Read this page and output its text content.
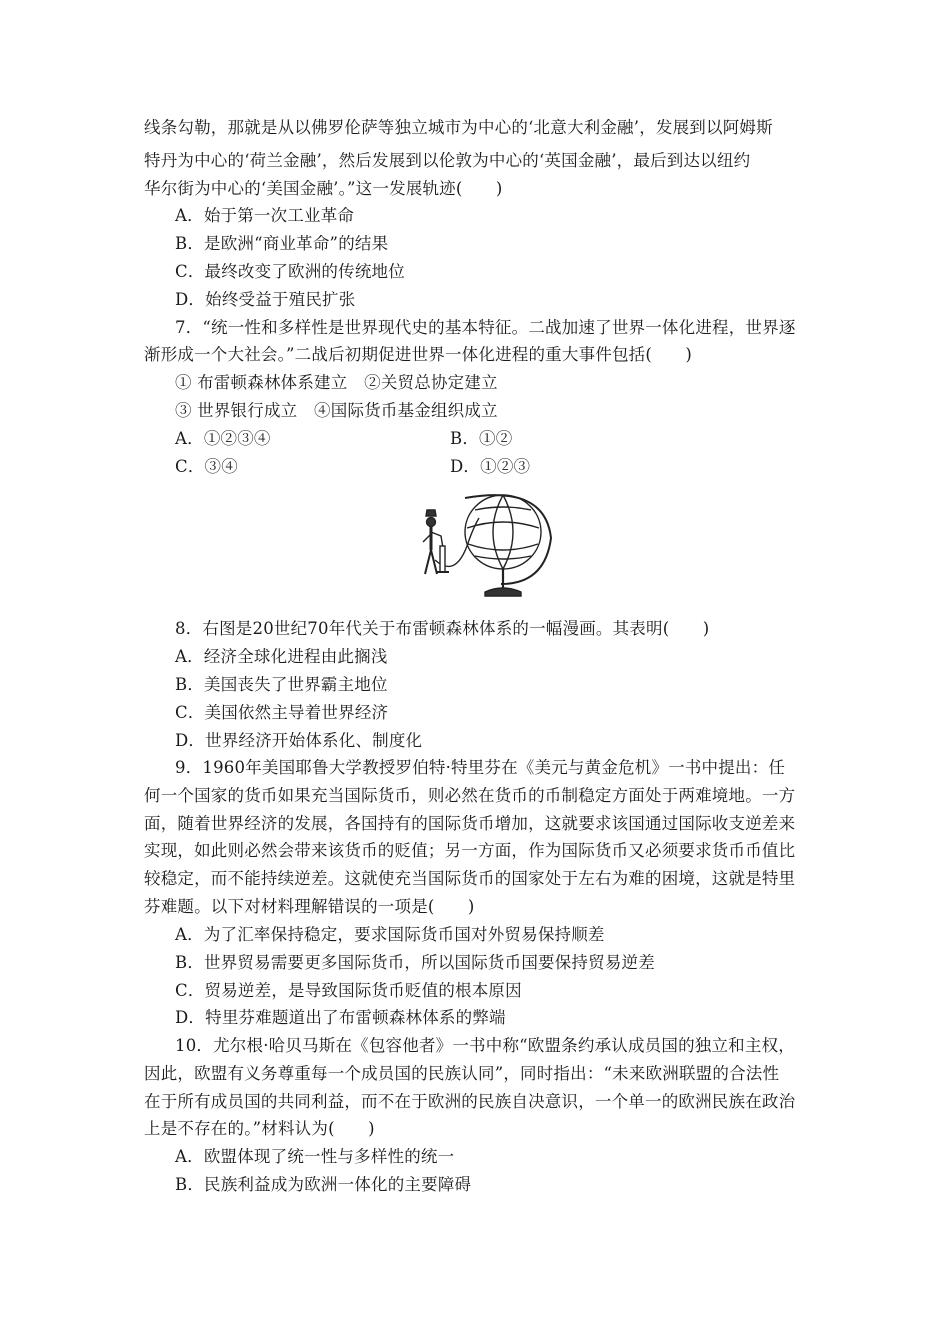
线条勾勒，那就是从以佛罗伦萨等独立城市为中心的‘北意大利金融’，发展到以阿姆斯
特丹为中心的‘荷兰金融’，然后发展到以伦敦为中心的‘英国金融’，最后到达以纽约
华尔街为中心的‘美国金融’。”这一发展轨迹(　　)
A．始于第一次工业革命
B．是欧洲“商业革命”的结果
C．最终改变了欧洲的传统地位
D．始终受益于殖民扩张
7．“统一性和多样性是世界现代史的基本特征。二战加速了世界一体化进程，世界逐
渐形成一个大社会。”二战后初期促进世界一体化进程的重大事件包括(　　)
① 布雷顿森林体系建立　②关贸总协定建立
③ 世界银行成立　④国际货币基金组织成立
A．①②③④	B．①②
C．③④	D．①②③
8．右图是20世纪70年代关于布雷顿森林体系的一幅漫画。其表明(　　)
A．经济全球化进程由此搁浅
B．美国丧失了世界霸主地位
C．美国依然主导着世界经济
D．世界经济开始体系化、制度化
9．1960年美国耶鲁大学教授罗伯特·特里芬在《美元与黄金危机》一书中提出：任
何一个国家的货币如果充当国际货币，则必然在货币的币制稳定方面处于两难境地。一方
面，随着世界经济的发展，各国持有的国际货币增加，这就要求该国通过国际收支逆差来
实现，如此则必然会带来该货币的贬值；另一方面，作为国际货币又必须要求货币币值比
较稳定，而不能持续逆差。这就使充当国际货币的国家处于左右为难的困境，这就是特里
芬难题。以下对材料理解错误的一项是(　　)
A．为了汇率保持稳定，要求国际货币国对外贸易保持顺差
B．世界贸易需要更多国际货币，所以国际货币国要保持贸易逆差
C．贸易逆差，是导致国际货币贬值的根本原因
D．特里芬难题道出了布雷顿森林体系的弊端
10．尤尔根·哈贝马斯在《包容他者》一书中称“欧盟条约承认成员国的独立和主权，
因此，欧盟有义务尊重每一个成员国的民族认同”，同时指出：“未来欧洲联盟的合法性
在于所有成员国的共同利益，而不在于欧洲的民族自决意识，一个单一的欧洲民族在政治
上是不存在的。”材料认为(　　)
A．欧盟体现了统一性与多样性的统一
B．民族利益成为欧洲一体化的主要障碍
